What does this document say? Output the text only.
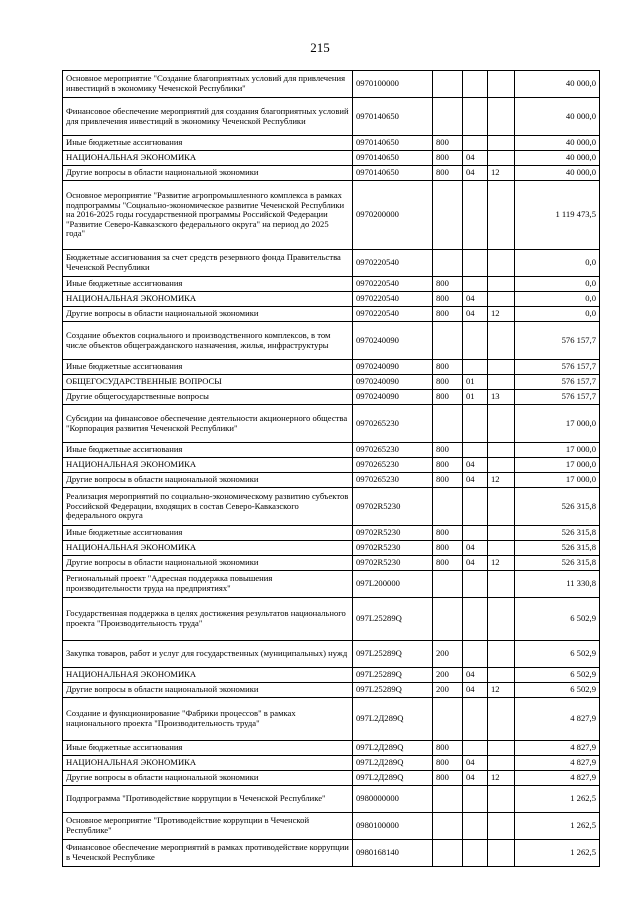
215
Основное мероприятие "Создание благоприятных условий для привлечения инвестиций в экономику Чеченской Республики"	0970100000				40 000,0
Финансовое обеспечение мероприятий для создания благоприятных условий для привлечения инвестиций в экономику Чеченской Республики	0970140650				40 000,0
Иные бюджетные ассигнования	0970140650	800			40 000,0
НАЦИОНАЛЬНАЯ ЭКОНОМИКА	0970140650	800	04		40 000,0
Другие вопросы в области национальной экономики	0970140650	800	04	12	40 000,0
Основное мероприятие "Развитие агропромышленного комплекса в рамках подпрограммы "Социально-экономическое развитие Чеченской Республики на 2016-2025 годы государственной программы Российской Федерации "Развитие Северо-Кавказского федерального округа" на период до 2025 года"	0970200000				1 119 473,5
Бюджетные ассигнования за счет средств резервного фонда Правительства Чеченской Республики	0970220540				0,0
Иные бюджетные ассигнования	0970220540	800			0,0
НАЦИОНАЛЬНАЯ ЭКОНОМИКА	0970220540	800	04		0,0
Другие вопросы в области национальной экономики	0970220540	800	04	12	0,0
Создание объектов социального и производственного комплексов, в том числе объектов общегражданского назначения, жилья, инфраструктуры	0970240090				576 157,7
Иные бюджетные ассигнования	0970240090	800			576 157,7
ОБЩЕГОСУДАРСТВЕННЫЕ ВОПРОСЫ	0970240090	800	01		576 157,7
Другие общегосударственные вопросы	0970240090	800	01	13	576 157,7
Субсидии на финансовое обеспечение деятельности акционерного общества "Корпорация развития Чеченской Республики"	0970265230				17 000,0
Иные бюджетные ассигнования	0970265230	800			17 000,0
НАЦИОНАЛЬНАЯ ЭКОНОМИКА	0970265230	800	04		17 000,0
Другие вопросы в области национальной экономики	0970265230	800	04	12	17 000,0
Реализация мероприятий по социально-экономическому развитию субъектов Российской Федерации, входящих в состав Северо-Кавказского федерального округа	09702R5230				526 315,8
Иные бюджетные ассигнования	09702R5230	800			526 315,8
НАЦИОНАЛЬНАЯ ЭКОНОМИКА	09702R5230	800	04		526 315,8
Другие вопросы в области национальной экономики	09702R5230	800	04	12	526 315,8
Региональный проект "Адресная поддержка повышения производительности труда на предприятиях"	097L200000				11 330,8
Государственная поддержка в целях достижения результатов национального проекта "Производительность труда"	097L25289Q				6 502,9
Закупка товаров, работ и услуг для государственных (муниципальных) нужд	097L25289Q	200			6 502,9
НАЦИОНАЛЬНАЯ ЭКОНОМИКА	097L25289Q	200	04		6 502,9
Другие вопросы в области национальной экономики	097L25289Q	200	04	12	6 502,9
Создание и функционирование "Фабрики процессов" в рамках национального проекта "Производительность труда"	097L2Д289Q				4 827,9
Иные бюджетные ассигнования	097L2Д289Q	800			4 827,9
НАЦИОНАЛЬНАЯ ЭКОНОМИКА	097L2Д289Q	800	04		4 827,9
Другие вопросы в области национальной экономики	097L2Д289Q	800	04	12	4 827,9
Подпрограмма "Противодействие коррупции в Чеченской Республике"	0980000000				1 262,5
Основное мероприятие "Противодействие коррупции в Чеченской Республике"	0980100000				1 262,5
Финансовое обеспечение мероприятий в рамках противодействие коррупции в Чеченской Республике	0980168140				1 262,5
